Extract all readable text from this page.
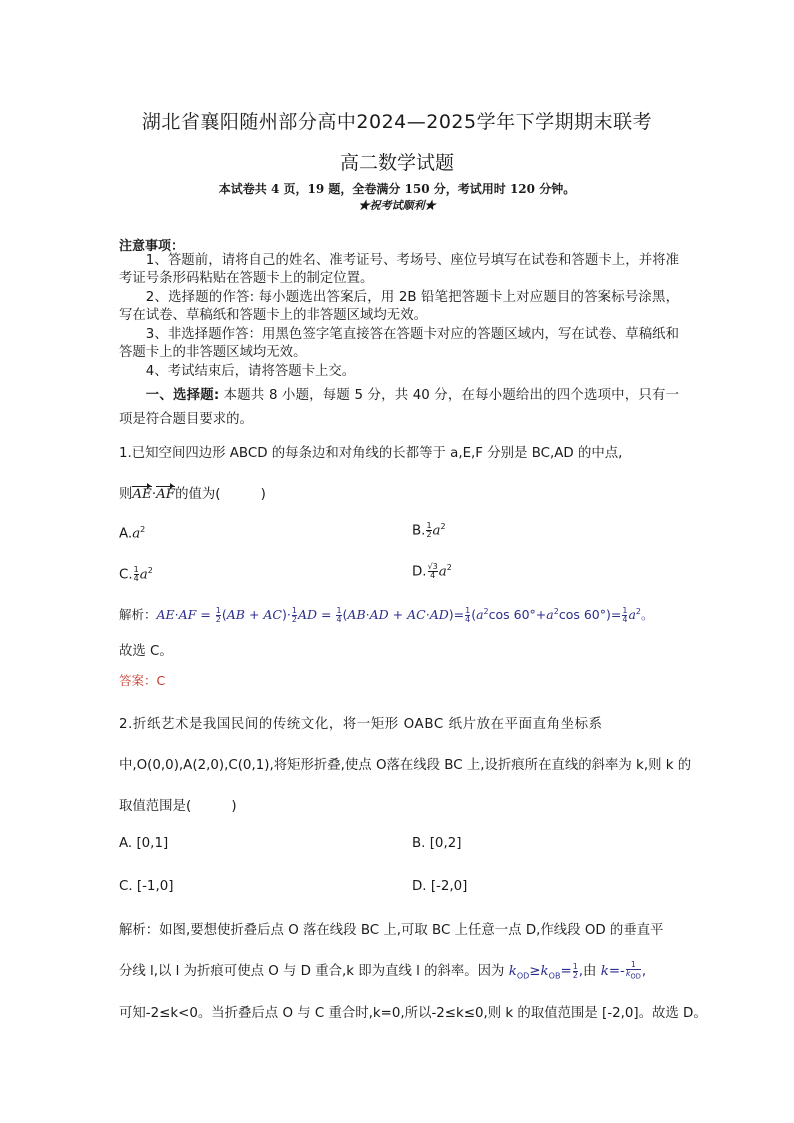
湖北省襄阳随州部分高中2024—2025学年下学期期末联考
高二数学试题
本试卷共 4 页，19 题，全卷满分 150 分，考试用时 120 分钟。
★祝考试顺利★
注意事项：
1、答题前，请将自己的姓名、准考证号、考场号、座位号填写在试卷和答题卡上，并将准考证号条形码粘贴在答题卡上的制定位置。
2、选择题的作答: 每小题选出答案后，用 2B 铅笔把答题卡上对应题目的答案标号涂黑，写在试卷、草稿纸和答题卡上的非答题区域均无效。
3、非选择题作答：用黑色签字笔直接答在答题卡对应的答题区域内，写在试卷、草稿纸和答题卡上的非答题区域均无效。
4、考试结束后，请将答题卡上交。
一、选择题: 本题共 8 小题，每题 5 分，共 40 分，在每小题给出的四个选项中，只有一项是符合题目要求的。
1.已知空间四边形 ABCD 的每条边和对角线的长都等于 a,E,F 分别是 BC,AD 的中点,
则AE·AF的值为(　　　)
$A.a^2$	B. $\frac{1}{2} a^2$
C. $\frac{1}{4} a^2$	D. $\frac{√3}{4} a^2$
解析：$AE\cdot AF = \frac{1}{2} (AB + AC)\cdot \frac{1}{2}$ AD = $\frac{1}{4} (AB\cdot AD + AC\cdot AD)= \frac{1}{4} (a^2\cos$ $60^\circ+a^2\cos$ $60^\circ)= \frac{1}{4} a^2$。
故选 C。
答案：C
2.折纸艺术是我国民间的传统文化，将一矩形 OABC 纸片放在平面直角坐标系
中,O(0,0),A(2,0),C(0,1),将矩形折叠,使点 O落在线段 BC 上,设折痕所在直线的斜率为 k,则 k 的
取值范围是(　　　)
A. [0,1]	B. [0,2]
C. [-1,0]	D. [-2,0]
解析：如图,要想使折叠后点 O 落在线段 BC 上,可取 BC 上任意一点 D,作线段 OD 的垂直平
分线 l,以 l 为折痕可使点 O 与 D 重合,k 即为直线 l 的斜率。因为 $k_{OD}\ge k_{OB}= \frac{1}{2}$ ,由 $k=- \frac{1}{k_{OD}}$ ,
可知-2≤k<0。当折叠后点 O 与 C 重合时,k=0,所以-2≤k≤0,则 k 的取值范围是 [-2,0]。故选 D。
